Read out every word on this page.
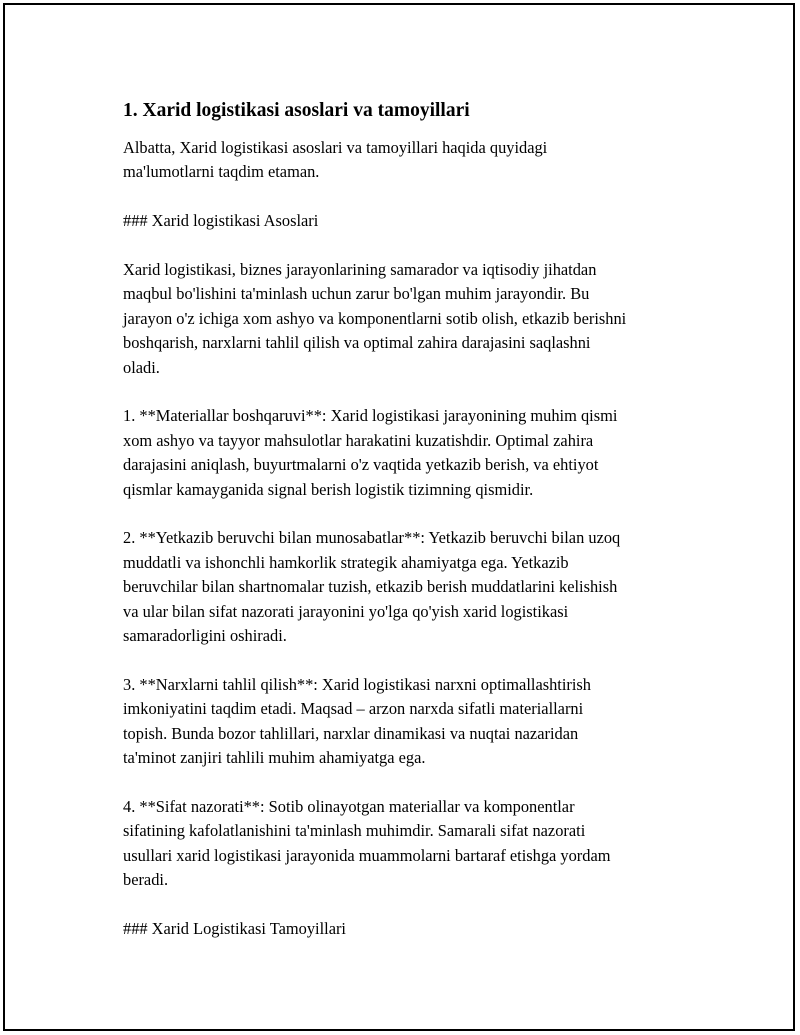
1. Xarid logistikasi asoslari va tamoyillari
Albatta, Xarid logistikasi asoslari va tamoyillari haqida quyidagi
ma'lumotlarni taqdim etaman.
### Xarid logistikasi Asoslari
Xarid logistikasi, biznes jarayonlarining samarador va iqtisodiy jihatdan
maqbul bo'lishini ta'minlash uchun zarur bo'lgan muhim jarayondir. Bu
jarayon o'z ichiga xom ashyo va komponentlarni sotib olish, etkazib berishni
boshqarish, narxlarni tahlil qilish va optimal zahira darajasini saqlashni
oladi.
1. **Materiallar boshqaruvi**: Xarid logistikasi jarayonining muhim qismi
xom ashyo va tayyor mahsulotlar harakatini kuzatishdir. Optimal zahira
darajasini aniqlash, buyurtmalarni o'z vaqtida yetkazib berish, va ehtiyot
qismlar kamayganida signal berish logistik tizimning qismidir.
2. **Yetkazib beruvchi bilan munosabatlar**: Yetkazib beruvchi bilan uzoq
muddatli va ishonchli hamkorlik strategik ahamiyatga ega. Yetkazib
beruvchilar bilan shartnomalar tuzish, etkazib berish muddatlarini kelishish
va ular bilan sifat nazorati jarayonini yo'lga qo'yish xarid logistikasi
samaradorligini oshiradi.
3. **Narxlarni tahlil qilish**: Xarid logistikasi narxni optimallashtirish
imkoniyatini taqdim etadi. Maqsad – arzon narxda sifatli materiallarni
topish. Bunda bozor tahlillari, narxlar dinamikasi va nuqtai nazaridan
ta'minot zanjiri tahlili muhim ahamiyatga ega.
4. **Sifat nazorati**: Sotib olinayotgan materiallar va komponentlar
sifatining kafolatlanishini ta'minlash muhimdir. Samarali sifat nazorati
usullari xarid logistikasi jarayonida muammolarni bartaraf etishga yordam
beradi.
### Xarid Logistikasi Tamoyillari
